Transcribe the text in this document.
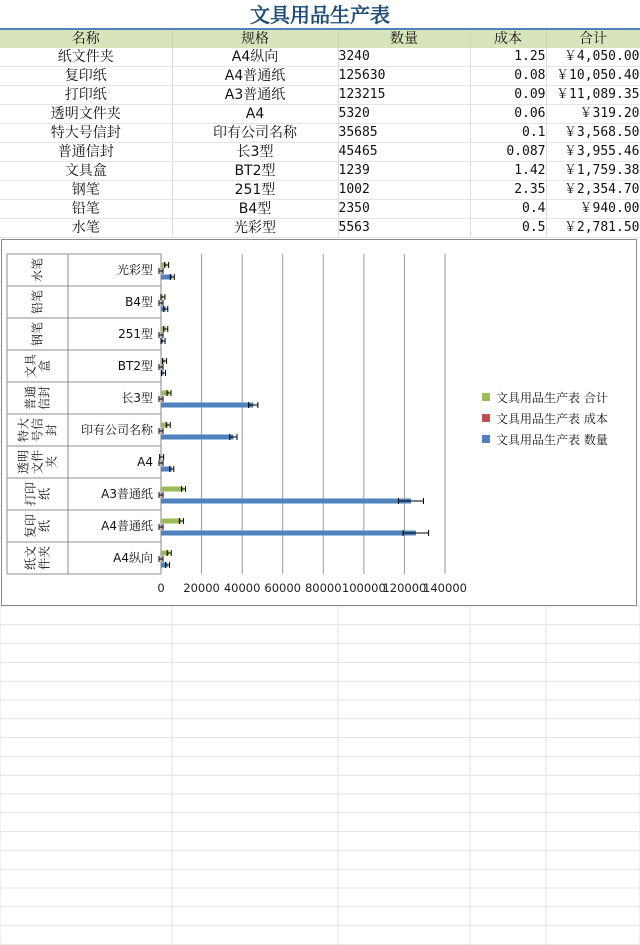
文具用品生产表
名称	规格	数量	成本	合计
纸文件夹	A4纵向	3240	1.25	￥4,050.00
复印纸	A4普通纸	125630	0.08	￥10,050.40
打印纸	A3普通纸	123215	0.09	￥11,089.35
透明文件夹	A4	5320	0.06	￥319.20
特大号信封	印有公司名称	35685	0.1	￥3,568.50
普通信封	长3型	45465	0.087	￥3,955.46
文具盒	BT2型	1239	1.42	￥1,759.38
钢笔	251型	1002	2.35	￥2,354.70
铅笔	B4型	2350	0.4	￥940.00
水笔	光彩型	5563	0.5	￥2,781.50
0 20000 40000 60000 80000 100000
120000
140000
A4纵向
纸文 件夹
A4普通纸
复印 纸
A3普通纸
打印 纸
A4
透明 文件 夹
印有公司名称
特大 号信 封
长3型
普通 信封
BT2型
文具 盒
251型
钢笔
B4型
铅笔
光彩型
水笔
文具用品生产表 合计
文具用品生产表 成本
文具用品生产表 数量
